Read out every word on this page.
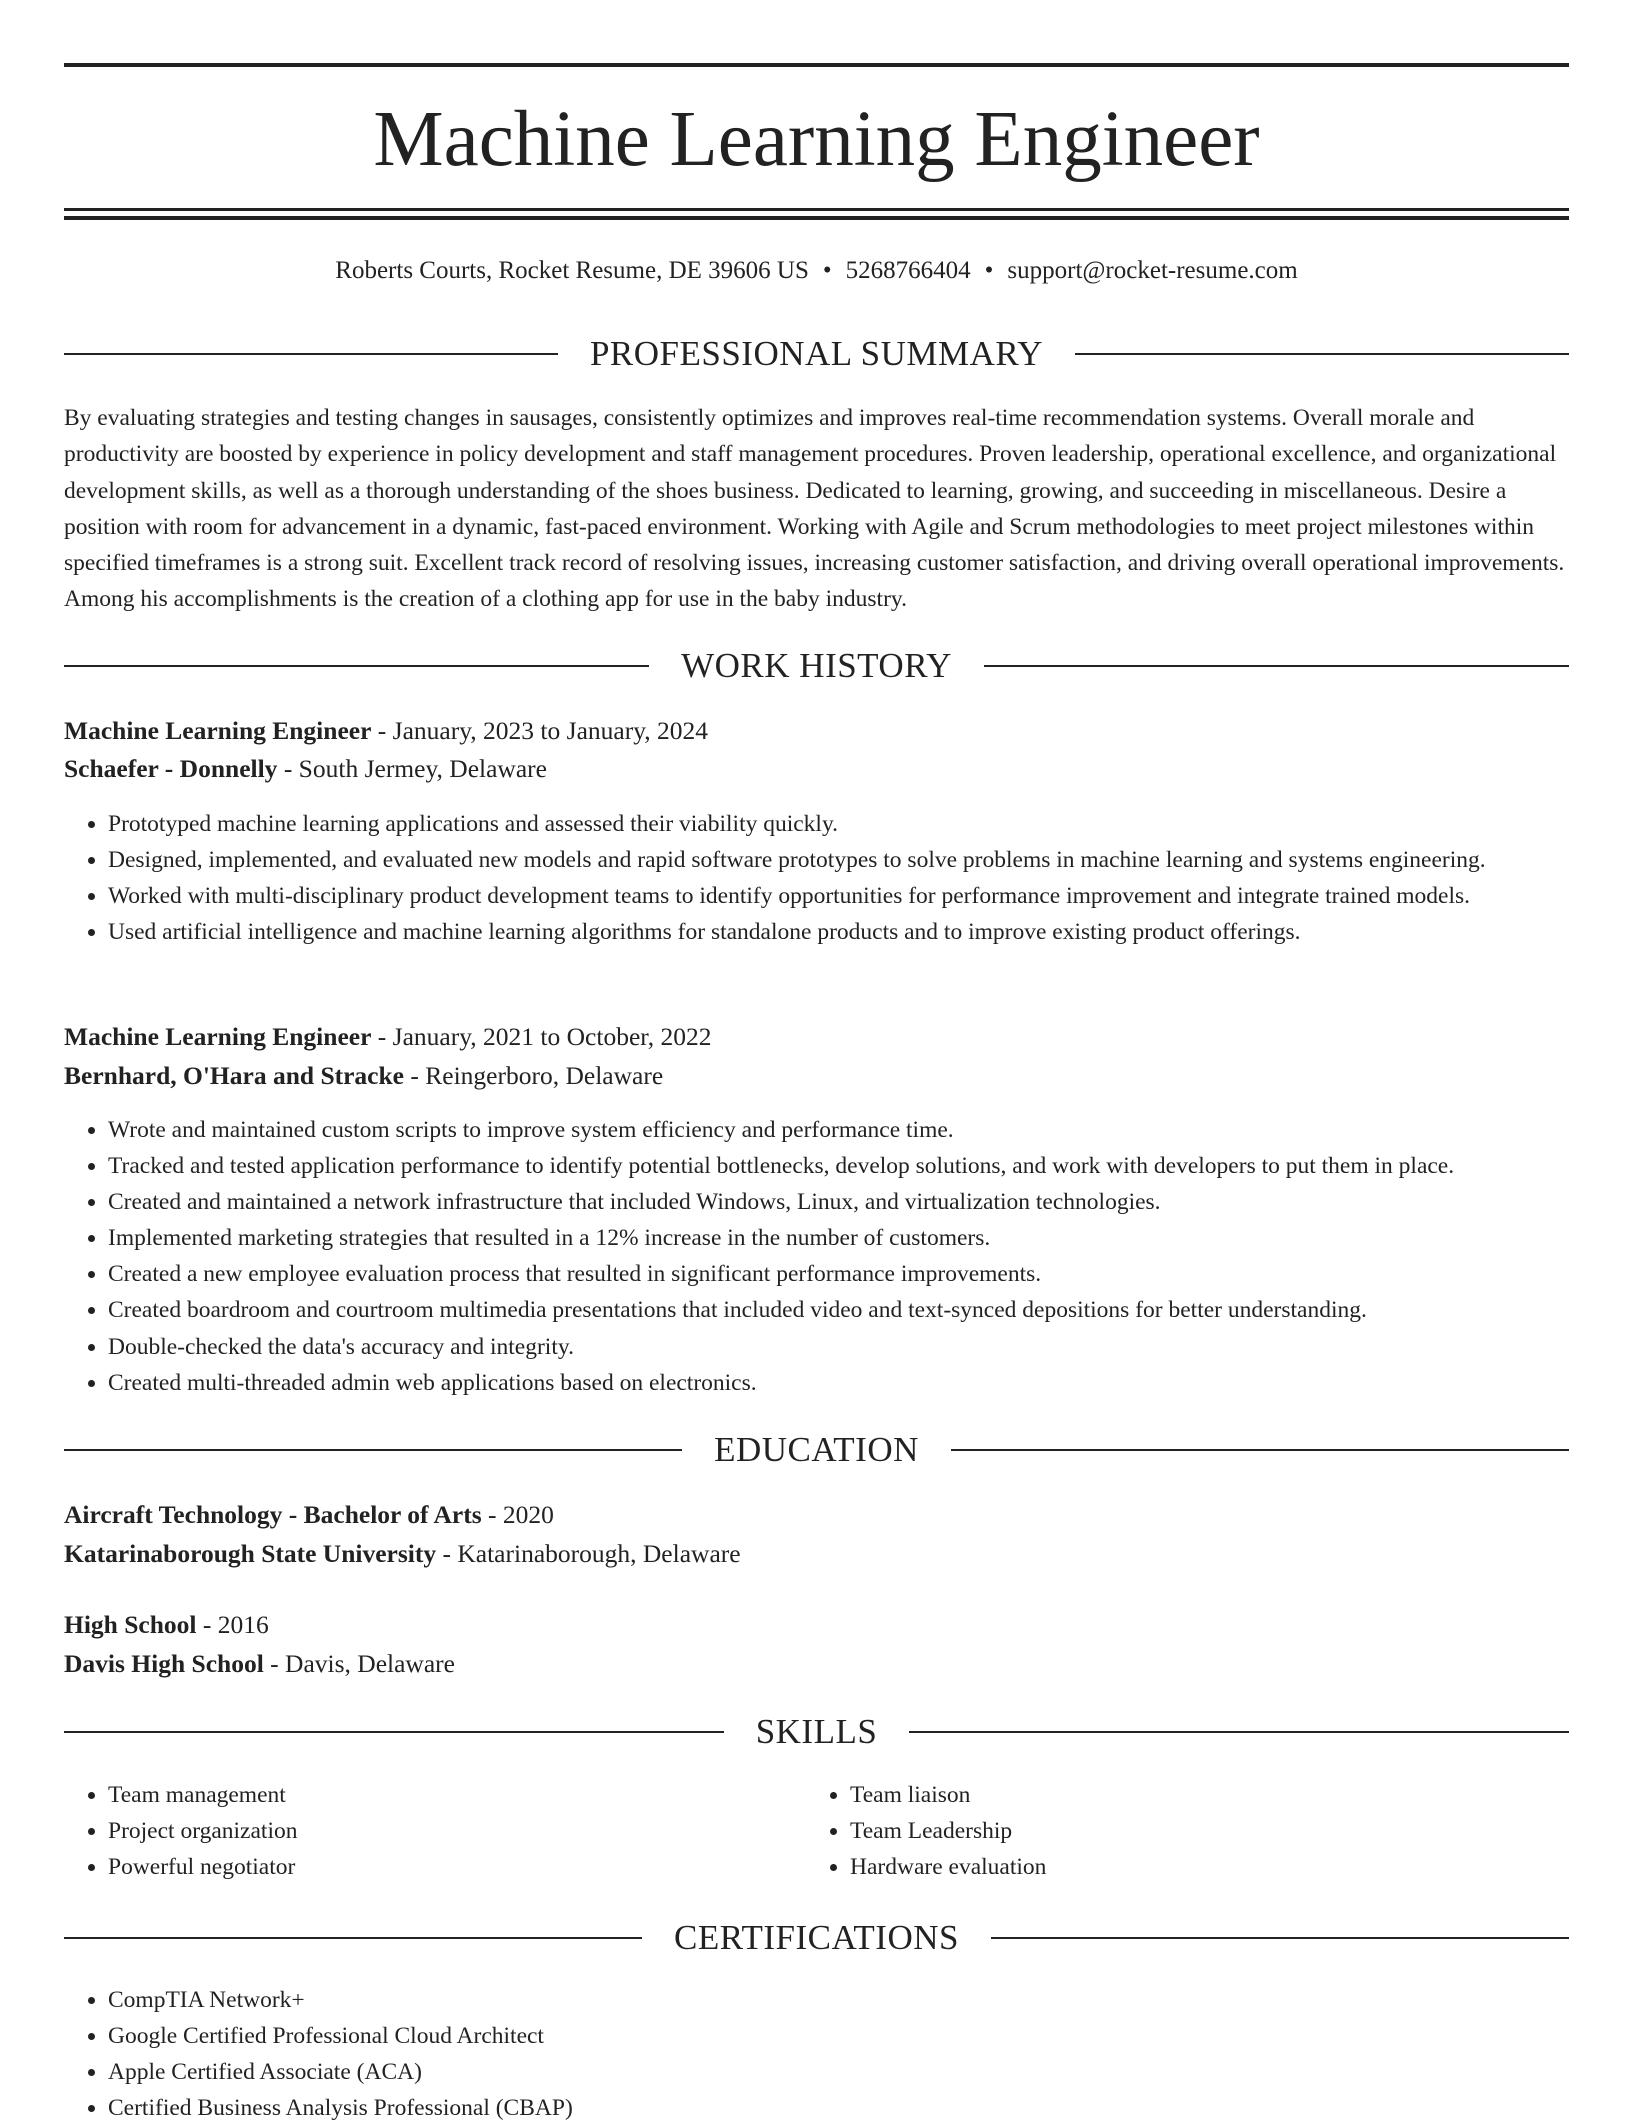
Machine Learning Engineer
Roberts Courts, Rocket Resume, DE 39606 US • 5268766404 • support@rocket-resume.com
PROFESSIONAL SUMMARY

By evaluating strategies and testing changes in sausages, consistently optimizes and improves real-time recommendation systems. Overall morale and productivity are boosted by experience in policy development and staff management procedures. Proven leadership, operational excellence, and organizational development skills, as well as a thorough understanding of the shoes business. Dedicated to learning, growing, and succeeding in miscellaneous. Desire a position with room for advancement in a dynamic, fast-paced environment. Working with Agile and Scrum methodologies to meet project milestones within specified timeframes is a strong suit. Excellent track record of resolving issues, increasing customer satisfaction, and driving overall operational improvements. Among his accomplishments is the creation of a clothing app for use in the baby industry.

WORK HISTORY
Machine Learning Engineer - January, 2023 to January, 2024
Schaefer - Donnelly - South Jermey, Delaware
• Prototyped machine learning applications and assessed their viability quickly.
• Designed, implemented, and evaluated new models and rapid software prototypes to solve problems in machine learning and systems engineering.
• Worked with multi-disciplinary product development teams to identify opportunities for performance improvement and integrate trained models.
• Used artificial intelligence and machine learning algorithms for standalone products and to improve existing product offerings.
Machine Learning Engineer - January, 2021 to October, 2022
Bernhard, O'Hara and Stracke - Reingerboro, Delaware
• Wrote and maintained custom scripts to improve system efficiency and performance time.
• Tracked and tested application performance to identify potential bottlenecks, develop solutions, and work with developers to put them in place.
• Created and maintained a network infrastructure that included Windows, Linux, and virtualization technologies.
• Implemented marketing strategies that resulted in a 12% increase in the number of customers.
• Created a new employee evaluation process that resulted in significant performance improvements.
• Created boardroom and courtroom multimedia presentations that included video and text-synced depositions for better understanding.
• Double-checked the data's accuracy and integrity.
• Created multi-threaded admin web applications based on electronics.
EDUCATION
Aircraft Technology - Bachelor of Arts - 2020
Katarinaborough State University - Katarinaborough, Delaware
High School - 2016
Davis High School - Davis, Delaware
SKILLS
• Team management
• Project organization
• Powerful negotiator
• Team liaison
• Team Leadership
• Hardware evaluation
CERTIFICATIONS
• CompTIA Network+
• Google Certified Professional Cloud Architect
• Apple Certified Associate (ACA)
• Certified Business Analysis Professional (CBAP)
